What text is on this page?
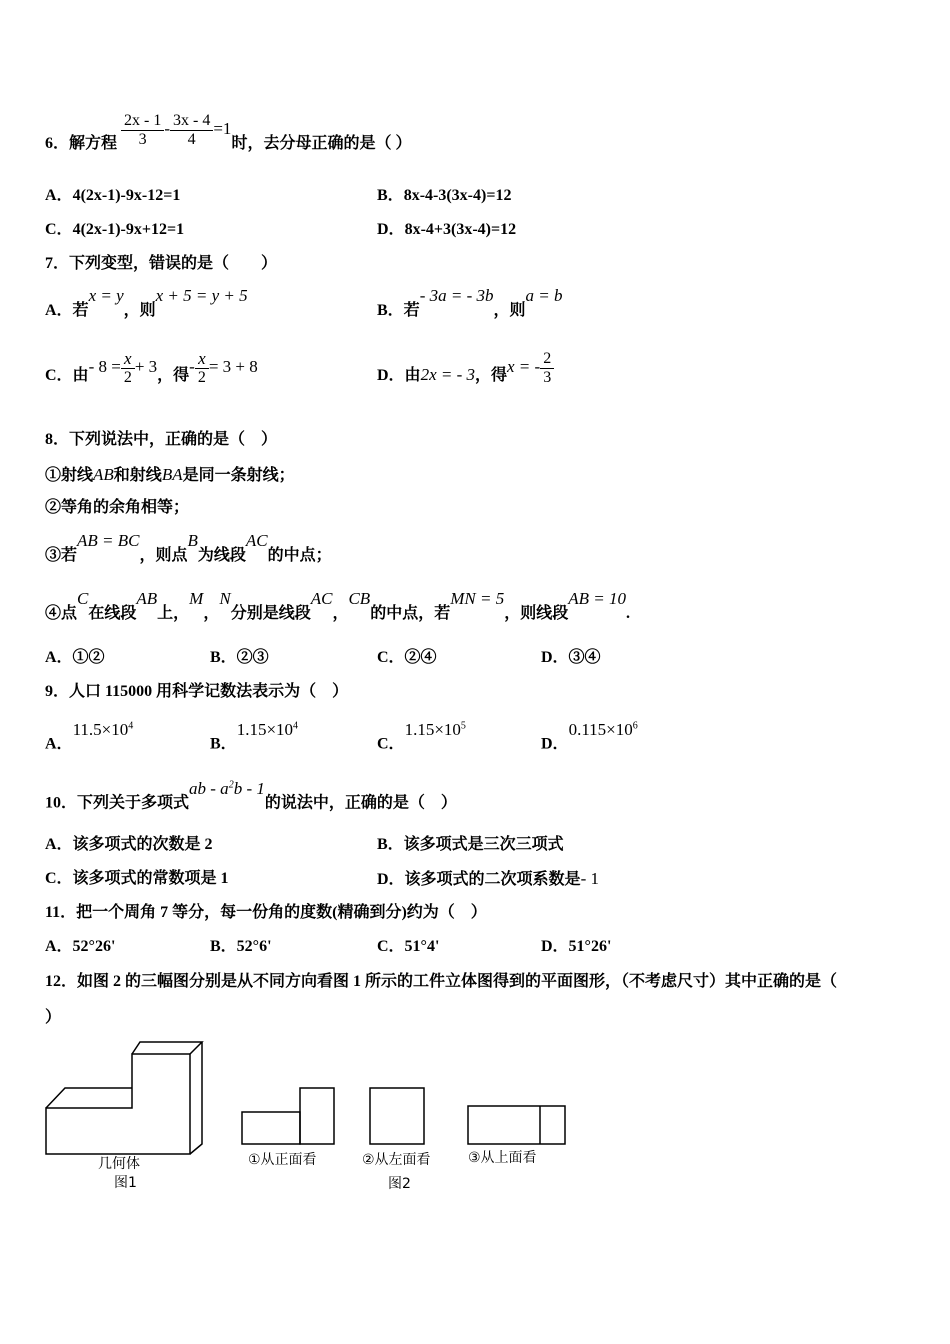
6．解方程 $\frac{2x - 1}{3} - \frac{3x - 4}{4} =1$时，去分母正确的是（ ）
A．4(2x-1)-9x-12=1	B．8x-4-3(3x-4)=12
C．4(2x-1)-9x+12=1	D．8x-4+3(3x-4)=12
7．下列变型，错误的是（　　）
A．若x = y，则x + 5 = y + 5
B．若- 3a = - 3b，则a = b
C．由- $8 = \frac{x}{2} + 3$，得- $\frac{x}{2} = 3 + 8$	D．由2x = - 3，得x = - $\frac{2}{3}$
8．下列说法中，正确的是（　）
①射线AB和射线BA是同一条射线；
②等角的余角相等；
③若AB = BC，则点B为线段AC的中点；
④点C在线段AB上，M，N分别是线段AC，CB的中点，若MN = 5，则线段AB = 10.
A．①②	B．②③	C．②④	D．③④
9．人口 115000 用科学记数法表示为（　）
A．$11.5\times 10^4$
B．$1.15\times 10^4$
C．$1.15\times 10^5$
D．$0.115\times 10^6$
10．下列关于多项式ab - $a^2b - 1$的说法中，正确的是（　）
A．该多项式的次数是 2	B．该多项式是三次三项式
C．该多项式的常数项是 1	D．该多项式的二次项系数是- 1
11．把一个周角 7 等分，每一份角的度数(精确到分)约为（　）
A．52°26'	B．52°6'	C．51°4'	D．51°26'
12．如图 2 的三幅图分别是从不同方向看图 1 所示的工件立体图得到的平面图形，（不考虑尺寸）其中正确的是（
）
几何体
图1
①从正面看	②从左面看	③从上面看
图2
